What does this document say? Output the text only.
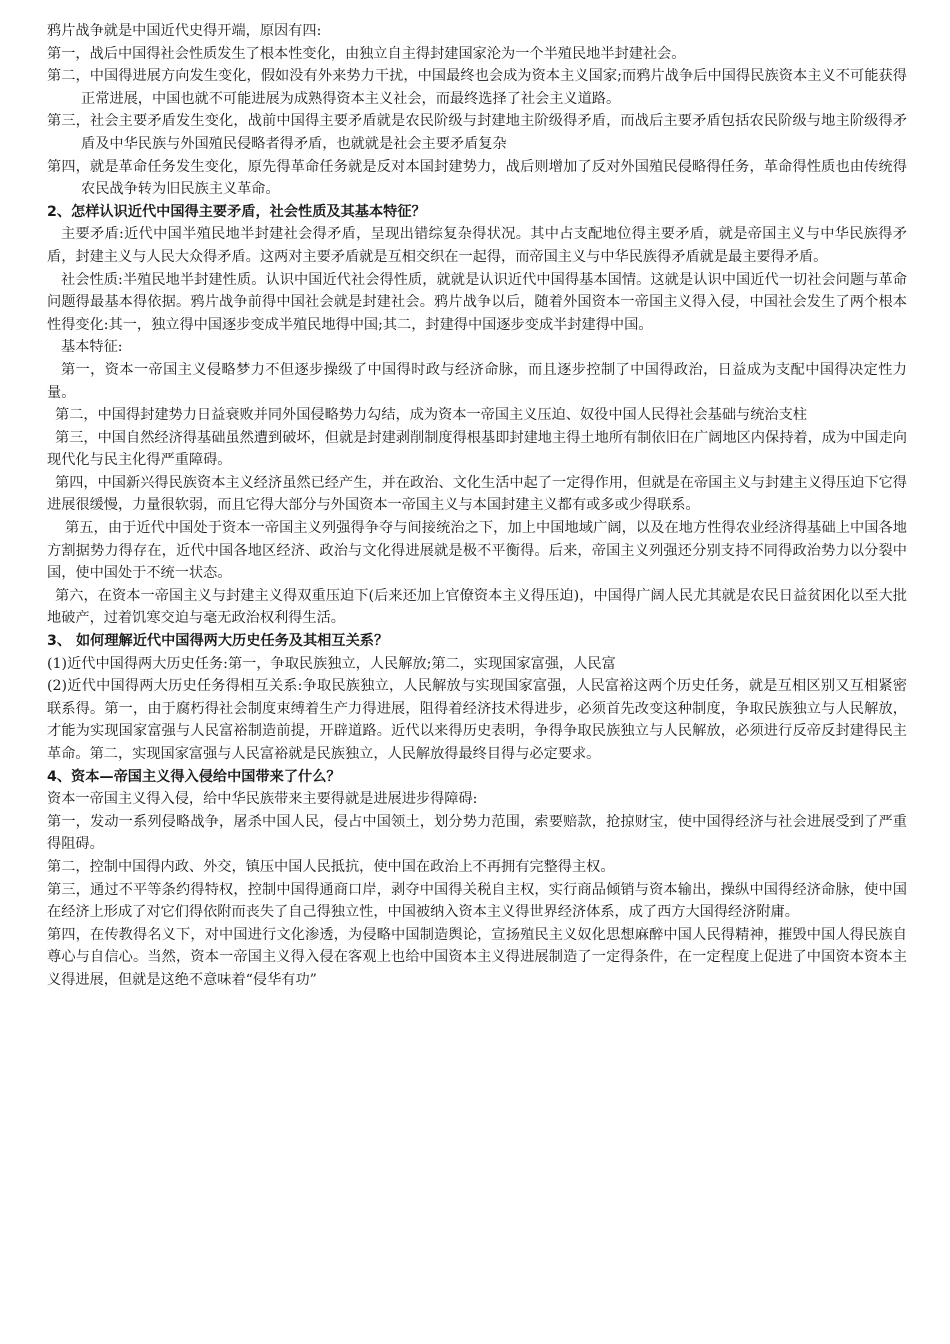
鸦片战争就是中国近代史得开端，原因有四:

第一，战后中国得社会性质发生了根本性变化，由独立自主得封建国家沦为一个半殖民地半封建社会。

第二，中国得进展方向发生变化，假如没有外来势力干扰，中国最终也会成为资本主义国家;而鸦片战争后中国得民族资本主义不可能获得正常进展，中国也就不可能进展为成熟得资本主义社会，而最终选择了社会主义道路。

第三，社会主要矛盾发生变化，战前中国得主要矛盾就是农民阶级与封建地主阶级得矛盾，而战后主要矛盾包括农民阶级与地主阶级得矛盾及中华民族与外国殖民侵略者得矛盾，也就就是社会主要矛盾复杂

第四，就是革命任务发生变化，原先得革命任务就是反对本国封建势力，战后则增加了反对外国殖民侵略得任务，革命得性质也由传统得农民战争转为旧民族主义革命。

2、怎样认识近代中国得主要矛盾，社会性质及其基本特征？

主要矛盾:近代中国半殖民地半封建社会得矛盾，呈现出错综复杂得状况。其中占支配地位得主要矛盾，就是帝国主义与中华民族得矛盾，封建主义与人民大众得矛盾。这两对主要矛盾就是互相交织在一起得，而帝国主义与中华民族得矛盾就是最主要得矛盾。

社会性质:半殖民地半封建性质。认识中国近代社会得性质，就就是认识近代中国得基本国情。这就是认识中国近代一切社会问题与革命问题得最基本得依据。鸦片战争前得中国社会就是封建社会。鸦片战争以后，随着外国资本一帝国主义得入侵，中国社会发生了两个根本性得变化:其一，独立得中国逐步变成半殖民地得中国;其二，封建得中国逐步变成半封建得中国。

基本特征:

第一，资本一帝国主义侵略梦力不但逐步操级了中国得时政与经济命脉，而且逐步控制了中国得政治，日益成为支配中国得决定性力量。

第二，中国得封建势力日益衰败并同外国侵略势力勾结，成为资本一帝国主义压迫、奴役中国人民得社会基础与统治支柱

第三，中国自然经济得基础虽然遭到破坏，但就是封建剥削制度得根基即封建地主得土地所有制依旧在广阔地区内保持着，成为中国走向现代化与民主化得严重障碍。

第四，中国新兴得民族资本主义经济虽然已经产生，并在政治、文化生活中起了一定得作用，但就是在帝国主义与封建主义得压迫下它得进展很缓慢，力量很软弱，而且它得大部分与外国资本一帝国主义与本国封建主义都有或多或少得联系。

第五，由于近代中国处于资本一帝国主义列强得争夺与间接统治之下，加上中国地域广阔，以及在地方性得农业经济得基础上中国各地方割据势力得存在，近代中国各地区经济、政治与文化得进展就是极不平衡得。后来，帝国主义列强还分别支持不同得政治势力以分裂中国，使中国处于不统一状态。

第六，在资本一帝国主义与封建主义得双重压迫下(后来还加上官僚资本主义得压迫)，中国得广阔人民尤其就是农民日益贫困化以至大批地破产，过着饥寒交迫与毫无政治权利得生活。

3、 如何理解近代中国得两大历史任务及其相互关系？

(1)近代中国得两大历史任务:第一，争取民族独立，人民解放;第二，实现国家富强，人民富

(2)近代中国得两大历史任务得相互关系:争取民族独立，人民解放与实现国家富强，人民富裕这两个历史任务，就是互相区别又互相紧密联系得。第一，由于腐朽得社会制度束缚着生产力得进展，阻得着经济技术得进步，必须首先改变这种制度，争取民族独立与人民解放，才能为实现国家富强与人民富裕制造前提，开辟道路。近代以来得历史表明，争得争取民族独立与人民解放，必须进行反帝反封建得民主革命。第二，实现国家富强与人民富裕就是民族独立，人民解放得最终目得与必定要求。

4、资本—帝国主义得入侵给中国带来了什么？

资本一帝国主义得入侵，给中华民族带来主要得就是进展进步得障碍:

第一，发动一系列侵略战争，屠杀中国人民，侵占中国领土，划分势力范围，索要赔款，抢掠财宝，使中国得经济与社会进展受到了严重得阻碍。

第二，控制中国得内政、外交，镇压中国人民抵抗，使中国在政治上不再拥有完整得主权。

第三，通过不平等条约得特权，控制中国得通商口岸，剥夺中国得关税自主权，实行商品倾销与资本输出，操纵中国得经济命脉，使中国在经济上形成了对它们得依附而丧失了自己得独立性，中国被纳入资本主义得世界经济体系，成了西方大国得经济附庸。

第四，在传教得名义下，对中国进行文化渗透，为侵略中国制造舆论，宣扬殖民主义奴化思想麻醉中国人民得精神，摧毁中国人得民族自尊心与自信心。当然，资本一帝国主义得入侵在客观上也给中国资本主义得进展制造了一定得条件，在一定程度上促进了中国资本资本主义得进展，但就是这绝不意味着“侵华有功”
